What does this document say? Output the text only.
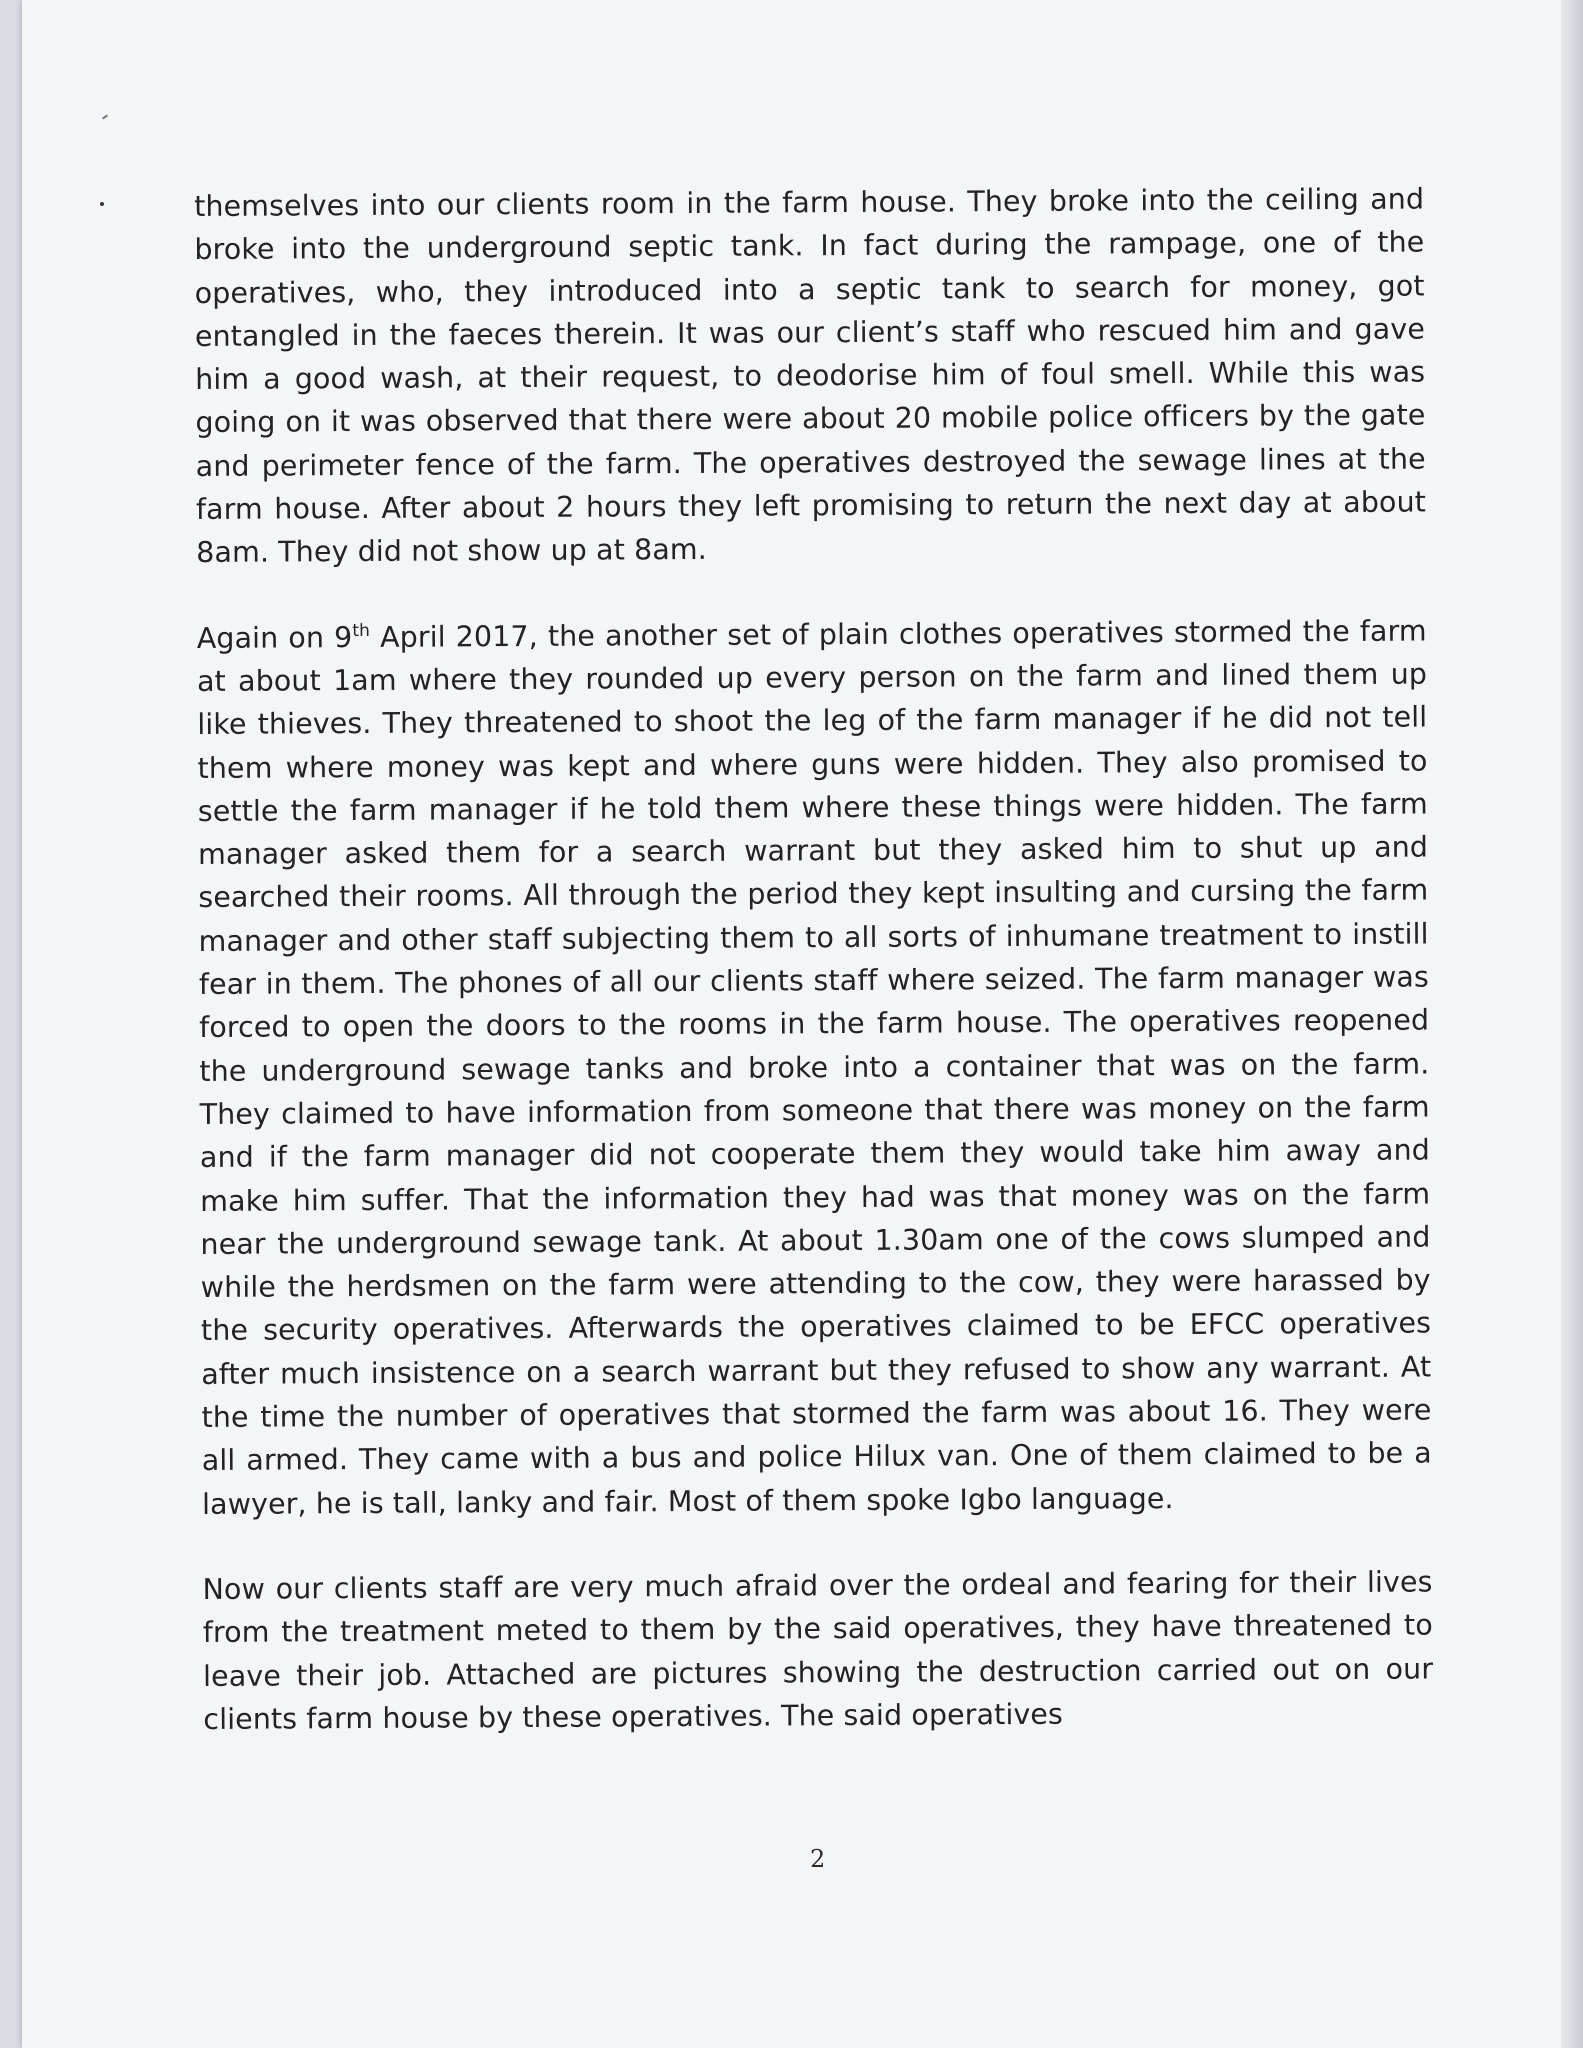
themselves into our clients room in the farm house. They broke into the ceiling and broke into the underground septic tank. In fact during the rampage, one of the operatives, who, they introduced into a septic tank to search for money, got entangled in the faeces therein. It was our client’s staff who rescued him and gave him a good wash, at their request, to deodorise him of foul smell. While this was going on it was observed that there were about 20 mobile police officers by the gate and perimeter fence of the farm. The operatives destroyed the sewage lines at the farm house. After about 2 hours they left promising to return the next day at about 8am. They did not show up at 8am.

Again on 9th April 2017, the another set of plain clothes operatives stormed the farm at about 1am where they rounded up every person on the farm and lined them up like thieves. They threatened to shoot the leg of the farm manager if he did not tell them where money was kept and where guns were hidden. They also promised to settle the farm manager if he told them where these things were hidden. The farm manager asked them for a search warrant but they asked him to shut up and searched their rooms. All through the period they kept insulting and cursing the farm manager and other staff subjecting them to all sorts of inhumane treatment to instill fear in them. The phones of all our clients staff where seized. The farm manager was forced to open the doors to the rooms in the farm house. The operatives reopened the underground sewage tanks and broke into a container that was on the farm. They claimed to have information from someone that there was money on the farm and if the farm manager did not cooperate them they would take him away and make him suffer. That the information they had was that money was on the farm near the underground sewage tank. At about 1.30am one of the cows slumped and while the herdsmen on the farm were attending to the cow, they were harassed by the security operatives. Afterwards the operatives claimed to be EFCC operatives after much insistence on a search warrant but they refused to show any warrant. At the time the number of operatives that stormed the farm was about 16. They were all armed. They came with a bus and police Hilux van. One of them claimed to be a lawyer, he is tall, lanky and fair. Most of them spoke Igbo language.

Now our clients staff are very much afraid over the ordeal and fearing for their lives from the treatment meted to them by the said operatives, they have threatened to leave their job. Attached are pictures showing the destruction carried out on our clients farm house by these operatives. The said operatives

2
